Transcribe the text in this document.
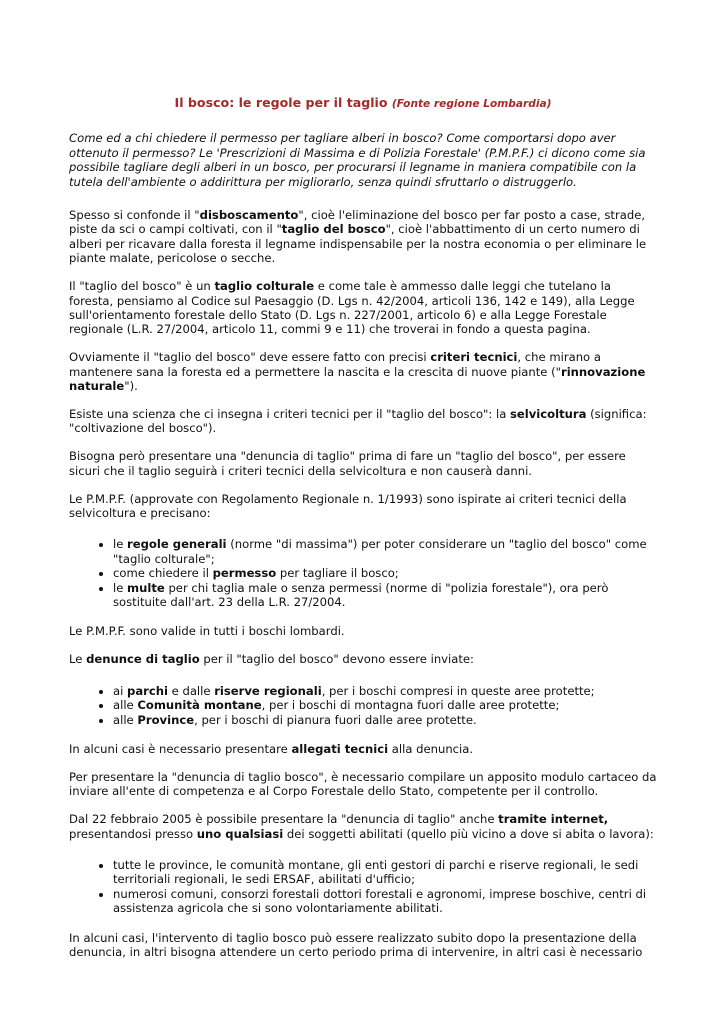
Il bosco: le regole per il taglio (Fonte regione Lombardia)

Come ed a chi chiedere il permesso per tagliare alberi in bosco? Come comportarsi dopo aver ottenuto il permesso? Le 'Prescrizioni di Massima e di Polizia Forestale' (P.M.P.F.) ci dicono come sia possibile tagliare degli alberi in un bosco, per procurarsi il legname in maniera compatibile con la tutela dell'ambiente o addirittura per migliorarlo, senza quindi sfruttarlo o distruggerlo.

Spesso si confonde il "disboscamento", cioè l'eliminazione del bosco per far posto a case, strade, piste da sci o campi coltivati, con il "taglio del bosco", cioè l'abbattimento di un certo numero di alberi per ricavare dalla foresta il legname indispensabile per la nostra economia o per eliminare le piante malate, pericolose o secche.

Il "taglio del bosco" è un taglio colturale e come tale è ammesso dalle leggi che tutelano la foresta, pensiamo al Codice sul Paesaggio (D. Lgs n. 42/2004, articoli 136, 142 e 149), alla Legge sull'orientamento forestale dello Stato (D. Lgs n. 227/2001, articolo 6) e alla Legge Forestale regionale (L.R. 27/2004, articolo 11, commi 9 e 11) che troverai in fondo a questa pagina.

Ovviamente il "taglio del bosco" deve essere fatto con precisi criteri tecnici, che mirano a mantenere sana la foresta ed a permettere la nascita e la crescita di nuove piante ("rinnovazione naturale").

Esiste una scienza che ci insegna i criteri tecnici per il "taglio del bosco": la selvicoltura (significa: "coltivazione del bosco").

Bisogna però presentare una "denuncia di taglio" prima di fare un "taglio del bosco", per essere sicuri che il taglio seguirà i criteri tecnici della selvicoltura e non causerà danni.

Le P.M.P.F. (approvate con Regolamento Regionale n. 1/1993) sono ispirate ai criteri tecnici della selvicoltura e precisano:

• le regole generali (norme "di massima") per poter considerare un "taglio del bosco" come "taglio colturale";
• come chiedere il permesso per tagliare il bosco;
• le multe per chi taglia male o senza permessi (norme di "polizia forestale"), ora però sostituite dall'art. 23 della L.R. 27/2004.

Le P.M.P.F. sono valide in tutti i boschi lombardi.

Le denunce di taglio per il "taglio del bosco" devono essere inviate:

• ai parchi e dalle riserve regionali, per i boschi compresi in queste aree protette;
• alle Comunità montane, per i boschi di montagna fuori dalle aree protette;
• alle Province, per i boschi di pianura fuori dalle aree protette.

In alcuni casi è necessario presentare allegati tecnici alla denuncia.

Per presentare la "denuncia di taglio bosco", è necessario compilare un apposito modulo cartaceo da inviare all'ente di competenza e al Corpo Forestale dello Stato, competente per il controllo.

Dal 22 febbraio 2005 è possibile presentare la "denuncia di taglio" anche tramite internet, presentandosi presso uno qualsiasi dei soggetti abilitati (quello più vicino a dove si abita o lavora):

• tutte le province, le comunità montane, gli enti gestori di parchi e riserve regionali, le sedi territoriali regionali, le sedi ERSAF, abilitati d'ufficio;
• numerosi comuni, consorzi forestali dottori forestali e agronomi, imprese boschive, centri di assistenza agricola che si sono volontariamente abilitati.

In alcuni casi, l'intervento di taglio bosco può essere realizzato subito dopo la presentazione della denuncia, in altri bisogna attendere un certo periodo prima di intervenire, in altri casi è necessario
